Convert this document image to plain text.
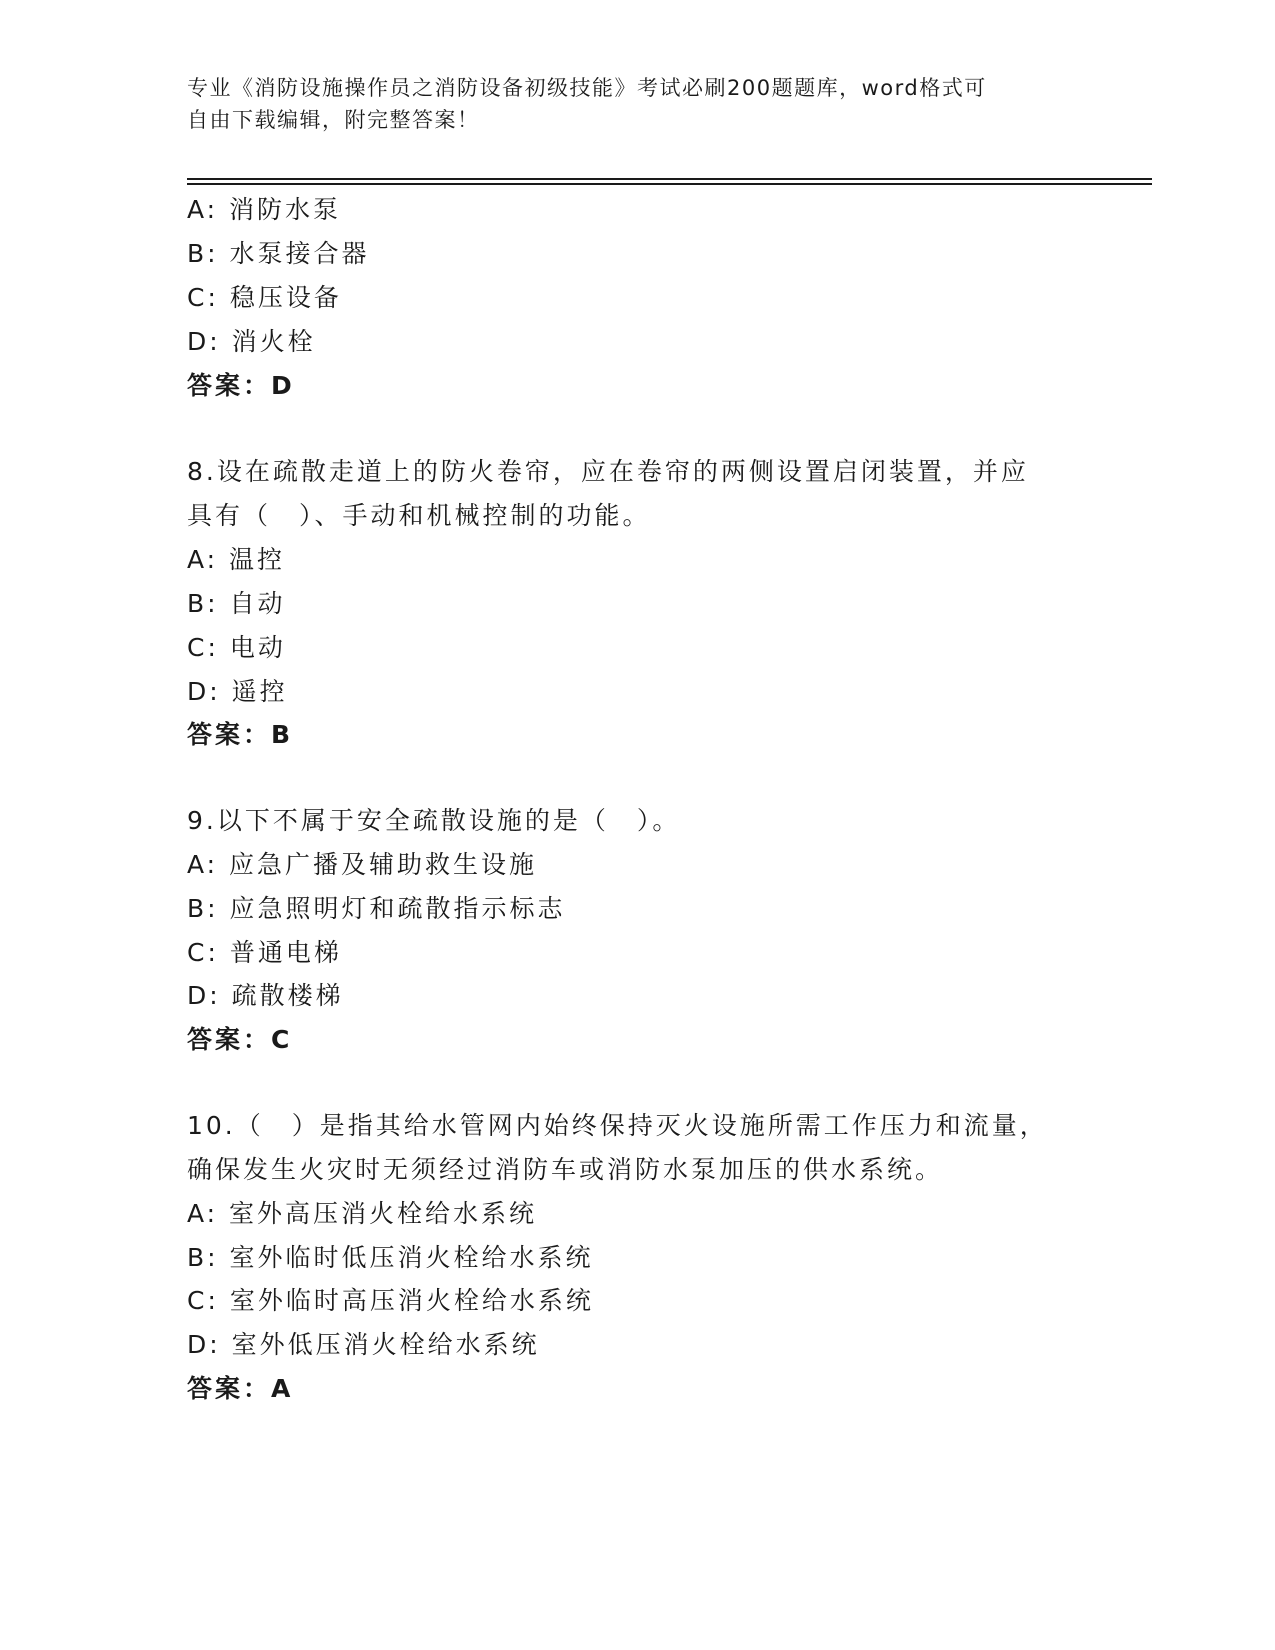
专业《消防设施操作员之消防设备初级技能》考试必刷200题题库，word格式可
自由下载编辑，附完整答案！
A: 消防水泵
B: 水泵接合器
C: 稳压设备
D: 消火栓
答案：D
8.设在疏散走道上的防火卷帘，应在卷帘的两侧设置启闭装置，并应
具有（　）、手动和机械控制的功能。
A: 温控
B: 自动
C: 电动
D: 遥控
答案：B
9.以下不属于安全疏散设施的是（　）。
A: 应急广播及辅助救生设施
B: 应急照明灯和疏散指示标志
C: 普通电梯
D: 疏散楼梯
答案：C
10.（　）是指其给水管网内始终保持灭火设施所需工作压力和流量，
确保发生火灾时无须经过消防车或消防水泵加压的供水系统。
A: 室外高压消火栓给水系统
B: 室外临时低压消火栓给水系统
C: 室外临时高压消火栓给水系统
D: 室外低压消火栓给水系统
答案：A
